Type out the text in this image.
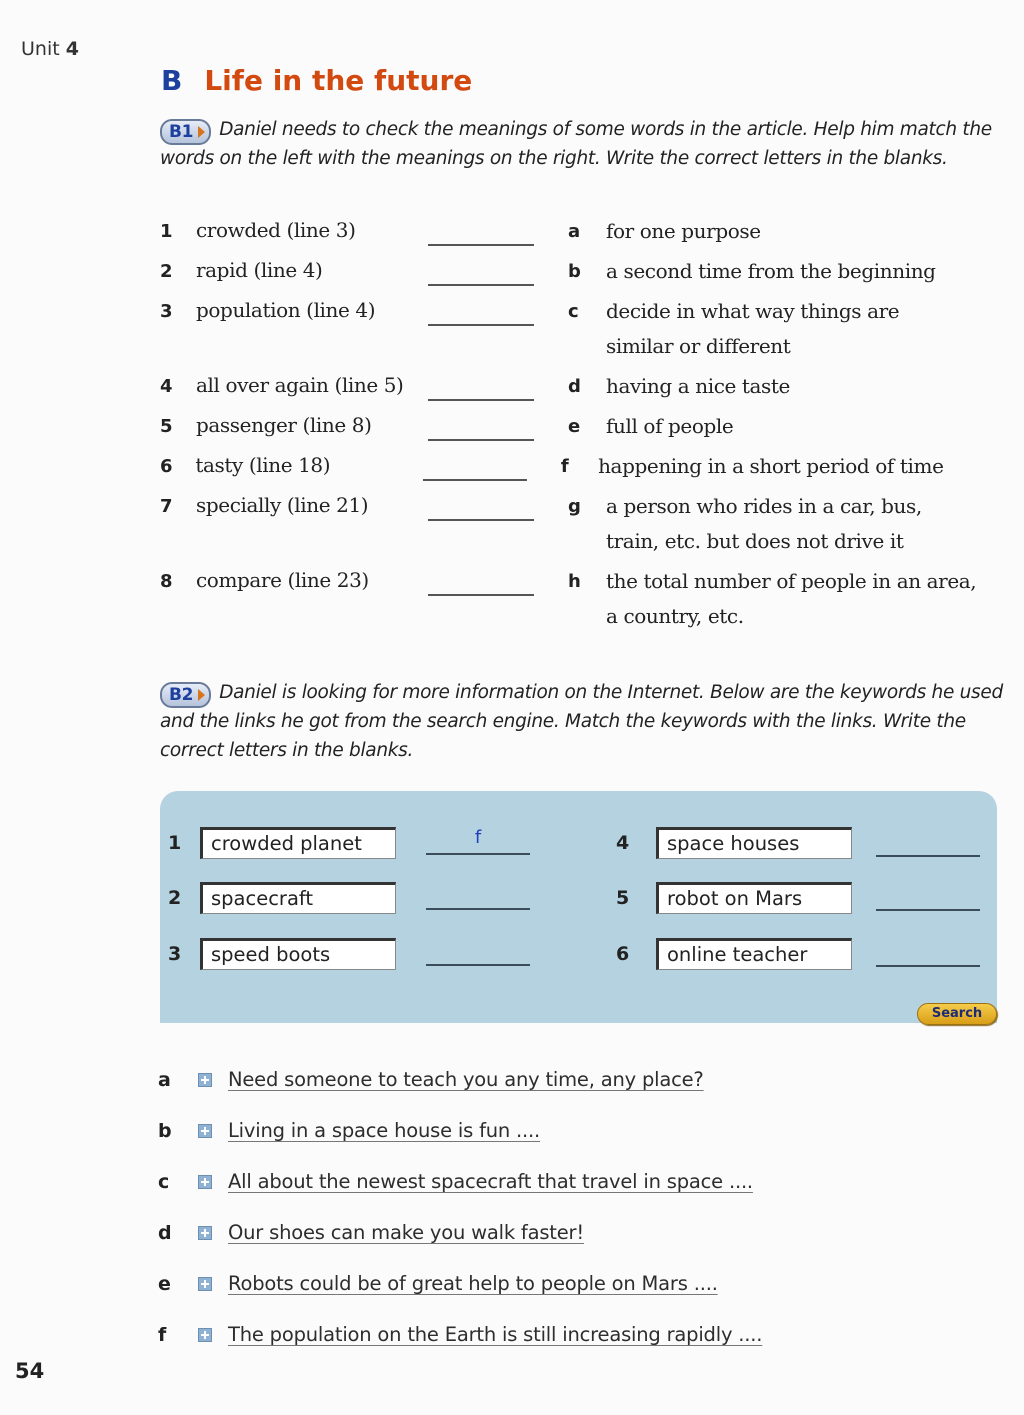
Unit 4
B Life in the future
B1 Daniel needs to check the meanings of some words in the article. Help him match the words on the left with the meanings on the right. Write the correct letters in the blanks.
1	crowded (line 3)	a	for one purpose
2	rapid (line 4)	b	a second time from the beginning
3	population (line 4)	c	decide in what way things are similar or different
4	all over again (line 5)	d	having a nice taste
5	passenger (line 8)	e	full of people
6	tasty (line 18)	f	happening in a short period of time
7	specially (line 21)	g	a person who rides in a car, bus, train, etc. but does not drive it
8	compare (line 23)	h	the total number of people in an area, a country, etc.
B2 Daniel is looking for more information on the Internet. Below are the keywords he used and the links he got from the search engine. Match the keywords with the links. Write the correct letters in the blanks.
1	crowded planet	f
2	spacecraft
3	speed boots
4	space houses
5	robot on Mars
6	online teacher
Search
a	Need someone to teach you any time, any place?
b	Living in a space house is fun ....
c	All about the newest spacecraft that travel in space ....
d	Our shoes can make you walk faster!
e	Robots could be of great help to people on Mars ....
f	The population on the Earth is still increasing rapidly ....
54
